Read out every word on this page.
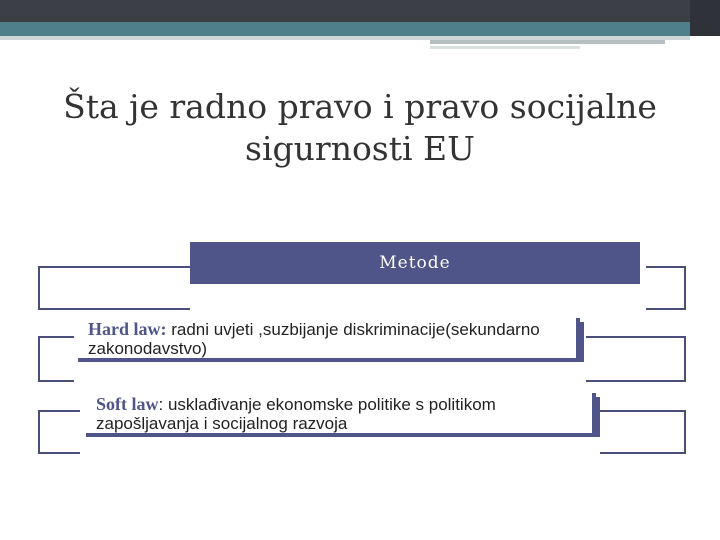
Šta je radno pravo i pravo socijalne sigurnosti EU
Metode
Hard law: radni uvjeti ,suzbijanje diskriminacije(sekundarno zakonodavstvo)
Soft law: usklađivanje ekonomske politike s politikom zapošljavanja i socijalnog razvoja
